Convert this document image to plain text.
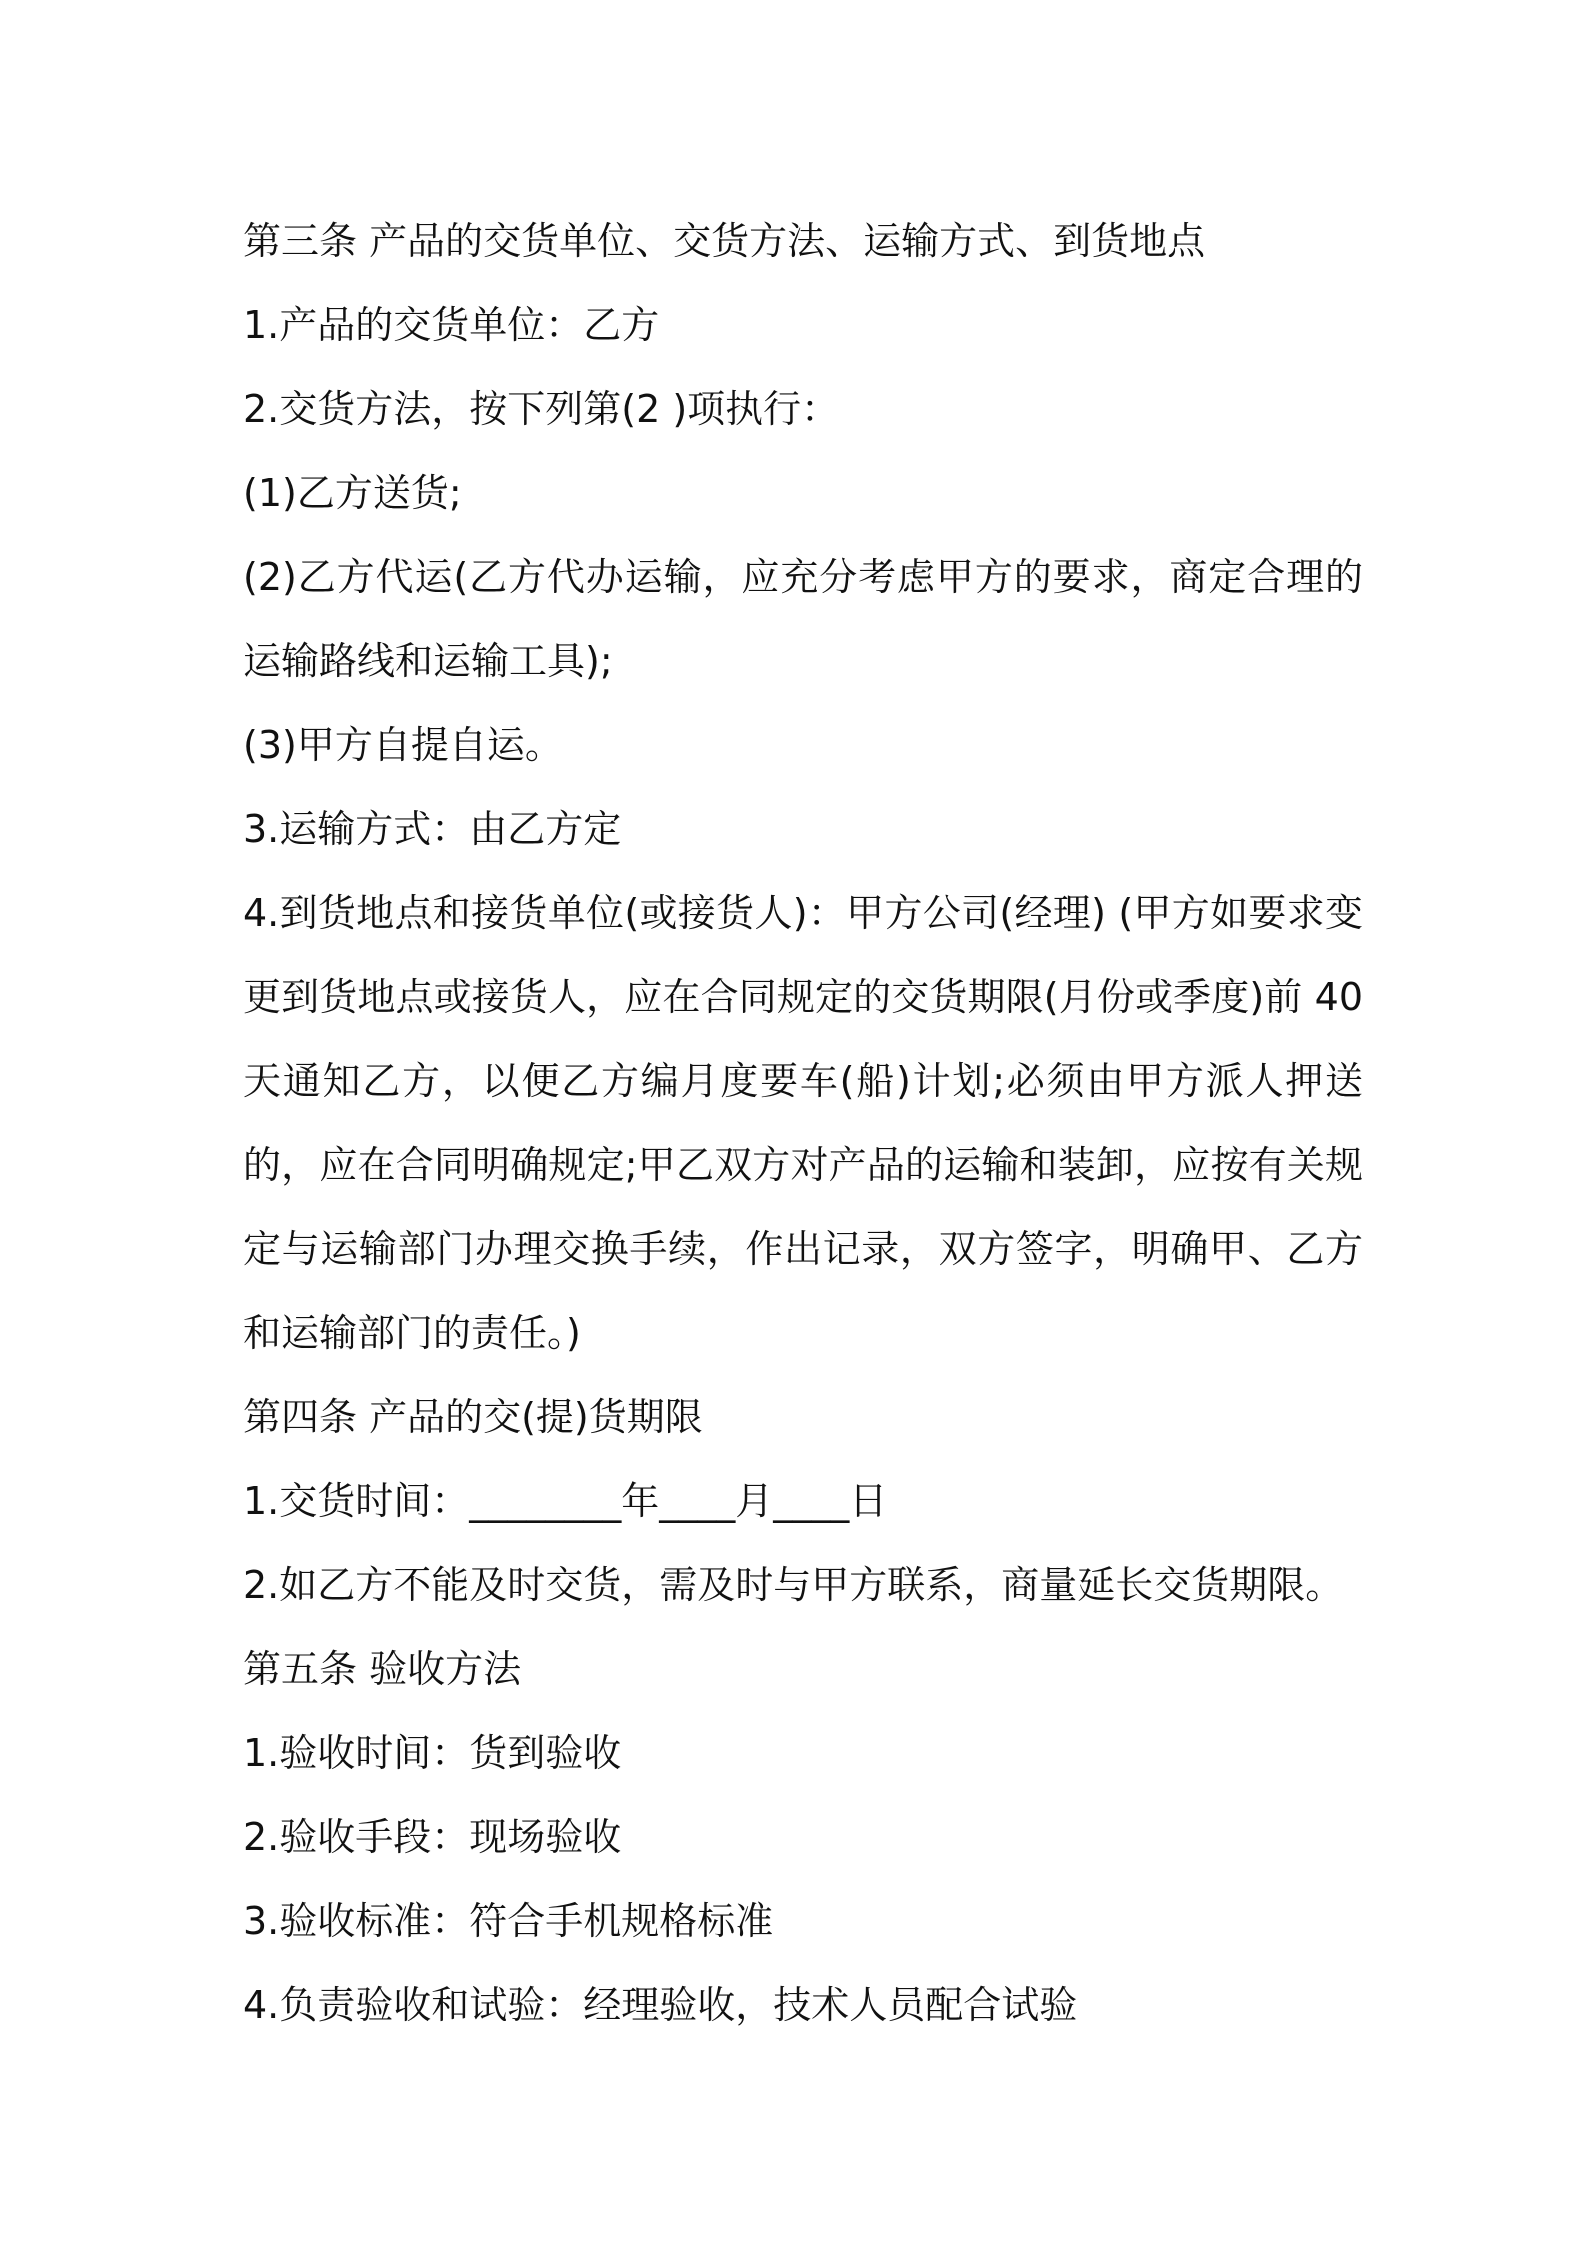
第三条 产品的交货单位、交货方法、运输方式、到货地点
1.产品的交货单位：乙方
2.交货方法，按下列第(2 )项执行：
(1)乙方送货;
(2)乙方代运(乙方代办运输，应充分考虑甲方的要求，商定合理的运输路线和运输工具);
(3)甲方自提自运。
3.运输方式：由乙方定
4.到货地点和接货单位(或接货人)：甲方公司(经理) (甲方如要求变更到货地点或接货人，应在合同规定的交货期限(月份或季度)前 40 天通知乙方，以便乙方编月度要车(船)计划;必须由甲方派人押送的，应在合同明确规定;甲乙双方对产品的运输和装卸，应按有关规定与运输部门办理交换手续，作出记录，双方签字，明确甲、乙方和运输部门的责任。)
第四条 产品的交(提)货期限
1.交货时间：________年____月____日
2.如乙方不能及时交货，需及时与甲方联系，商量延长交货期限。
第五条 验收方法
1.验收时间：货到验收
2.验收手段：现场验收
3.验收标准：符合手机规格标准
4.负责验收和试验：经理验收，技术人员配合试验
